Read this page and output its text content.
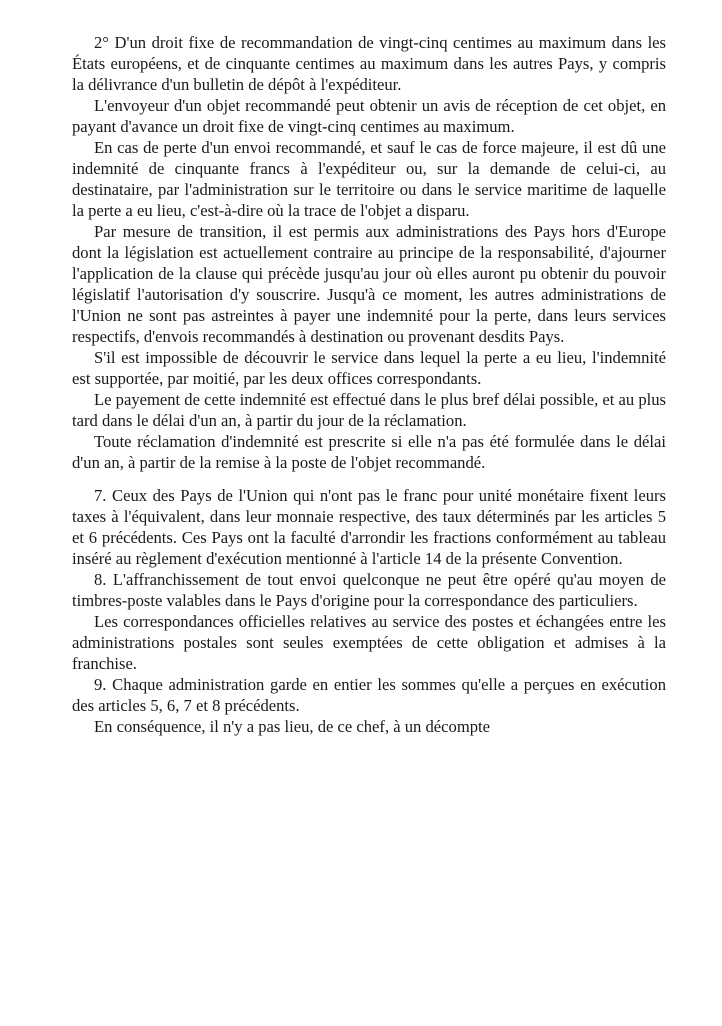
2° D'un droit fixe de recommandation de vingt-cinq centimes au maximum dans les États européens, et de cinquante centimes au maximum dans les autres Pays, y compris la délivrance d'un bulletin de dépôt à l'expéditeur.

L'envoyeur d'un objet recommandé peut obtenir un avis de réception de cet objet, en payant d'avance un droit fixe de vingt-cinq centimes au maximum.

En cas de perte d'un envoi recommandé, et sauf le cas de force majeure, il est dû une indemnité de cinquante francs à l'expéditeur ou, sur la demande de celui-ci, au destinataire, par l'administration sur le territoire ou dans le service maritime de laquelle la perte a eu lieu, c'est-à-dire où la trace de l'objet a disparu.

Par mesure de transition, il est permis aux administrations des Pays hors d'Europe dont la législation est actuellement contraire au principe de la responsabilité, d'ajourner l'application de la clause qui précède jusqu'au jour où elles auront pu obtenir du pouvoir législatif l'autorisation d'y souscrire. Jusqu'à ce moment, les autres administrations de l'Union ne sont pas astreintes à payer une indemnité pour la perte, dans leurs services respectifs, d'envois recommandés à destination ou provenant desdits Pays.

S'il est impossible de découvrir le service dans lequel la perte a eu lieu, l'indemnité est supportée, par moitié, par les deux offices correspondants.

Le payement de cette indemnité est effectué dans le plus bref délai possible, et au plus tard dans le délai d'un an, à partir du jour de la réclamation.

Toute réclamation d'indemnité est prescrite si elle n'a pas été formulée dans le délai d'un an, à partir de la remise à la poste de l'objet recommandé.

7. Ceux des Pays de l'Union qui n'ont pas le franc pour unité monétaire fixent leurs taxes à l'équivalent, dans leur monnaie respective, des taux déterminés par les articles 5 et 6 précédents. Ces Pays ont la faculté d'arrondir les fractions conformément au tableau inséré au règlement d'exécution mentionné à l'article 14 de la présente Convention.

8. L'affranchissement de tout envoi quelconque ne peut être opéré qu'au moyen de timbres-poste valables dans le Pays d'origine pour la correspondance des particuliers.

Les correspondances officielles relatives au service des postes et échangées entre les administrations postales sont seules exemptées de cette obligation et admises à la franchise.

9. Chaque administration garde en entier les sommes qu'elle a perçues en exécution des articles 5, 6, 7 et 8 précédents.

En conséquence, il n'y a pas lieu, de ce chef, à un décompte
